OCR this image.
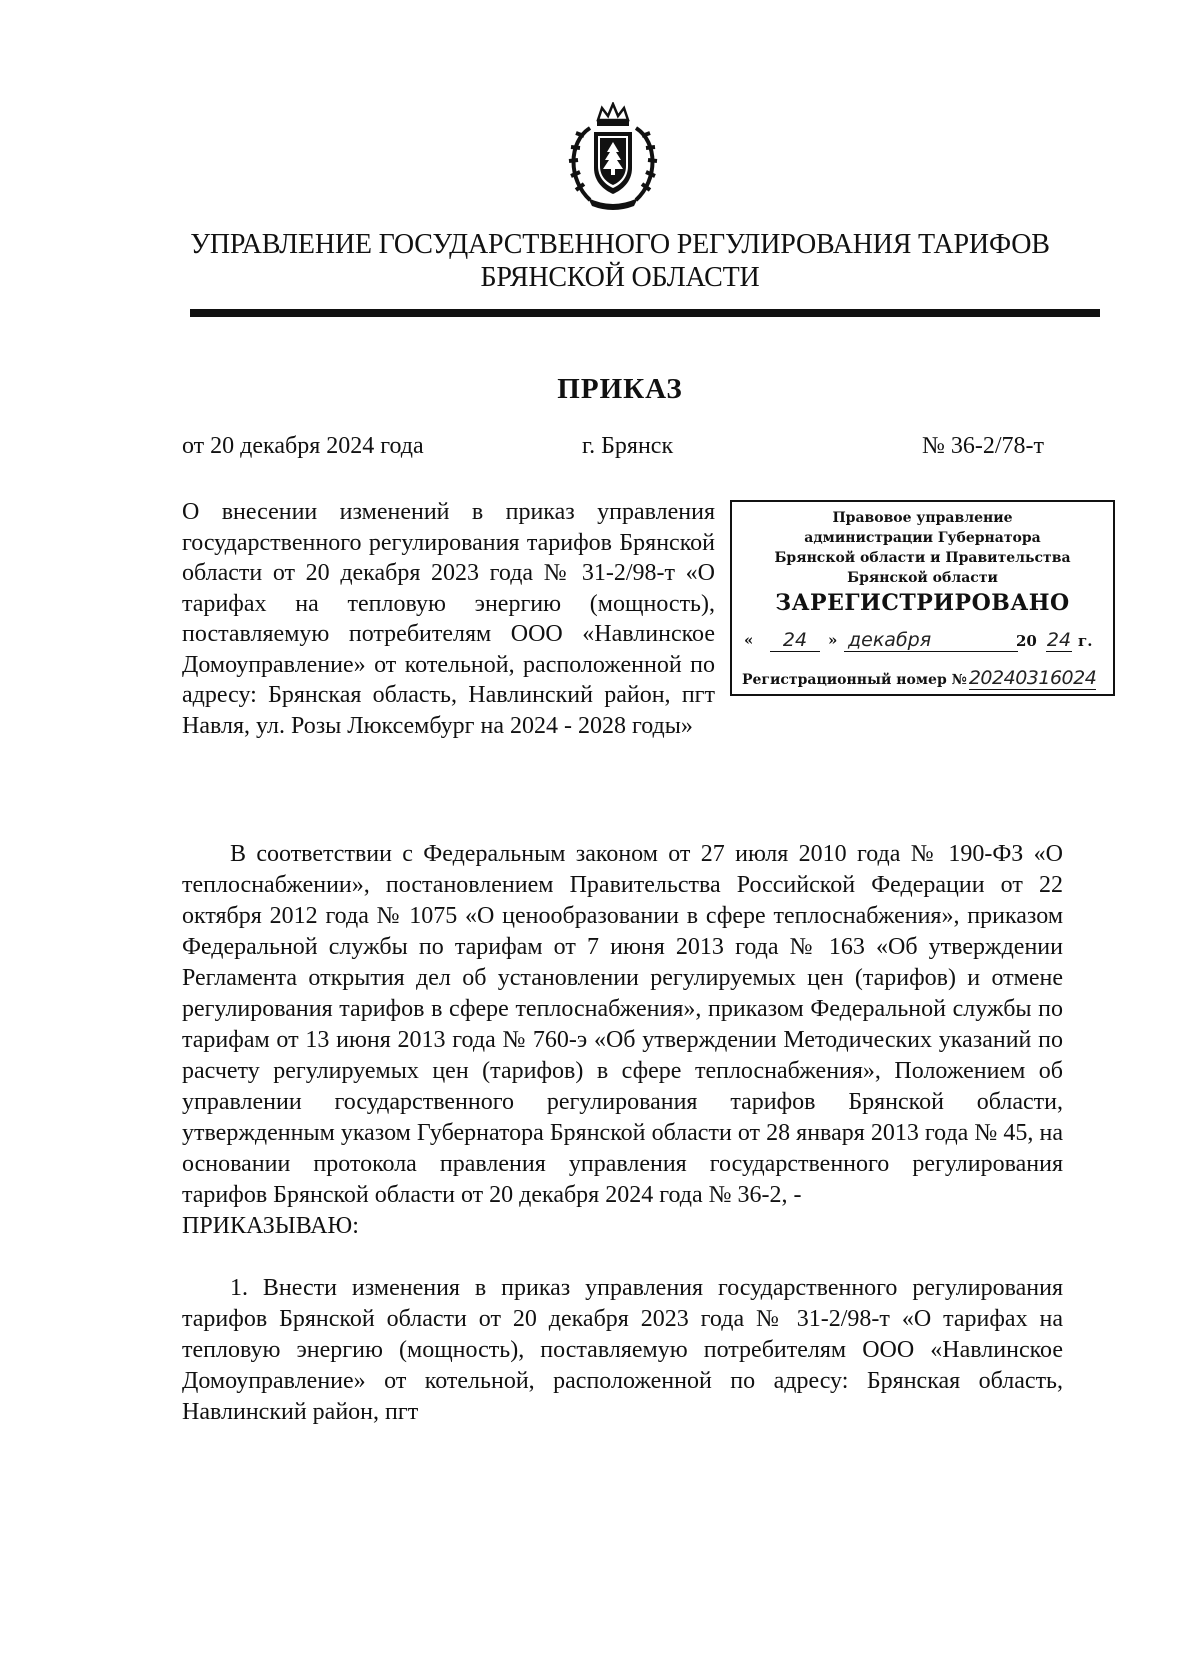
УПРАВЛЕНИЕ ГОСУДАРСТВЕННОГО РЕГУЛИРОВАНИЯ ТАРИФОВ
БРЯНСКОЙ ОБЛАСТИ
ПРИКАЗ
от 20 декабря 2024 года	г. Брянск	№ 36-2/78-т
О внесении изменений в приказ управления государственного регулирования тарифов Брянской области от 20 декабря 2023 года № 31-2/98-т «О тарифах на тепловую энергию (мощность), поставляемую потребителям ООО «Навлинское Домоуправление» от котельной, расположенной по адресу: Брянская область, Навлинский район, пгт Навля, ул. Розы Люксембург на 2024 - 2028 годы»
Правовое управление
администрации Губернатора
Брянской области и Правительства
Брянской области
ЗАРЕГИСТРИРОВАНО
«	24	» декабря	20 24 г.
Регистрационный номер № 20240316024

В соответствии с Федеральным законом от 27 июля 2010 года № 190-ФЗ «О теплоснабжении», постановлением Правительства Российской Федерации от 22 октября 2012 года № 1075 «О ценообразовании в сфере теплоснабжения», приказом Федеральной службы по тарифам от 7 июня 2013 года № 163 «Об утверждении Регламента открытия дел об установлении регулируемых цен (тарифов) и отмене регулирования тарифов в сфере теплоснабжения», приказом Федеральной службы по тарифам от 13 июня 2013 года № 760-э «Об утверждении Методических указаний по расчету регулируемых цен (тарифов) в сфере теплоснабжения», Положением об управлении государственного регулирования тарифов Брянской области, утвержденным указом Губернатора Брянской области от 28 января 2013 года № 45, на основании протокола правления управления государственного регулирования тарифов Брянской области от 20 декабря 2024 года № 36-2, -

ПРИКАЗЫВАЮ:

1. Внести изменения в приказ управления государственного регулирования тарифов Брянской области от 20 декабря 2023 года № 31-2/98-т «О тарифах на тепловую энергию (мощность), поставляемую потребителям ООО «Навлинское Домоуправление» от котельной, расположенной по адресу: Брянская область, Навлинский район, пгт
